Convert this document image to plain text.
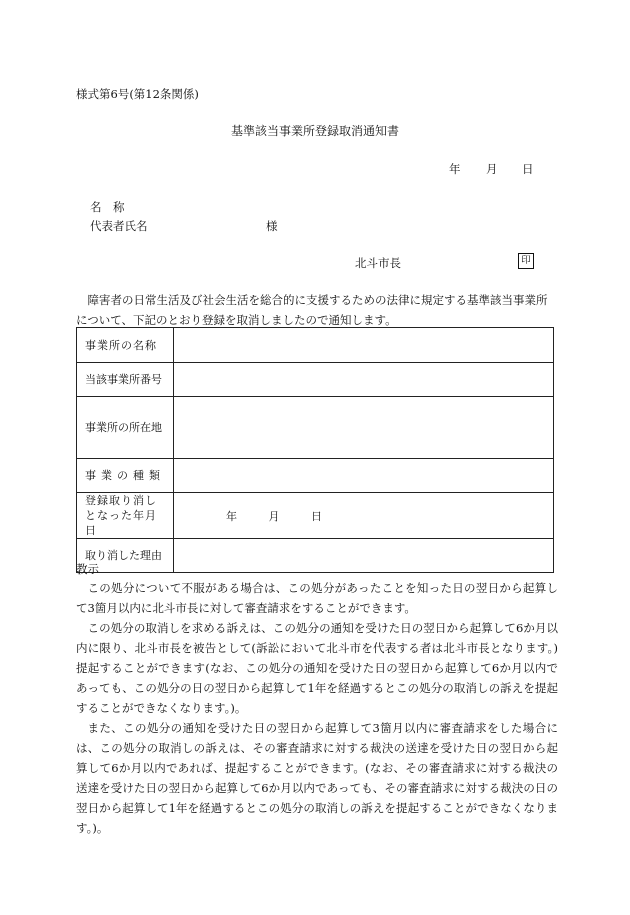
様式第6号(第12条関係)
基準該当事業所登録取消通知書
年 月 日
名　称
代表者氏名	様
北斗市長	印
障害者の日常生活及び社会生活を総合的に支援するための法律に規定する基準該当事業所について、下記のとおり登録を取消しましたので通知します。
事業所の名称	
当該事業所番号	
事業所の所在地	
事業の種類	
登録取り消しとなった年月日	年 月 日
取り消した理由	
教示
この処分について不服がある場合は、この処分があったことを知った日の翌日から起算して3箇月以内に北斗市長に対して審査請求をすることができます。
この処分の取消しを求める訴えは、この処分の通知を受けた日の翌日から起算して6か月以内に限り、北斗市長を被告として(訴訟において北斗市を代表する者は北斗市長となります。)提起することができます(なお、この処分の通知を受けた日の翌日から起算して6か月以内であっても、この処分の日の翌日から起算して1年を経過するとこの処分の取消しの訴えを提起することができなくなります。)。
また、この処分の通知を受けた日の翌日から起算して3箇月以内に審査請求をした場合には、この処分の取消しの訴えは、その審査請求に対する裁決の送達を受けた日の翌日から起算して6か月以内であれば、提起することができます。(なお、その審査請求に対する裁決の送達を受けた日の翌日から起算して6か月以内であっても、その審査請求に対する裁決の日の翌日から起算して1年を経過するとこの処分の取消しの訴えを提起することができなくなります。)。
